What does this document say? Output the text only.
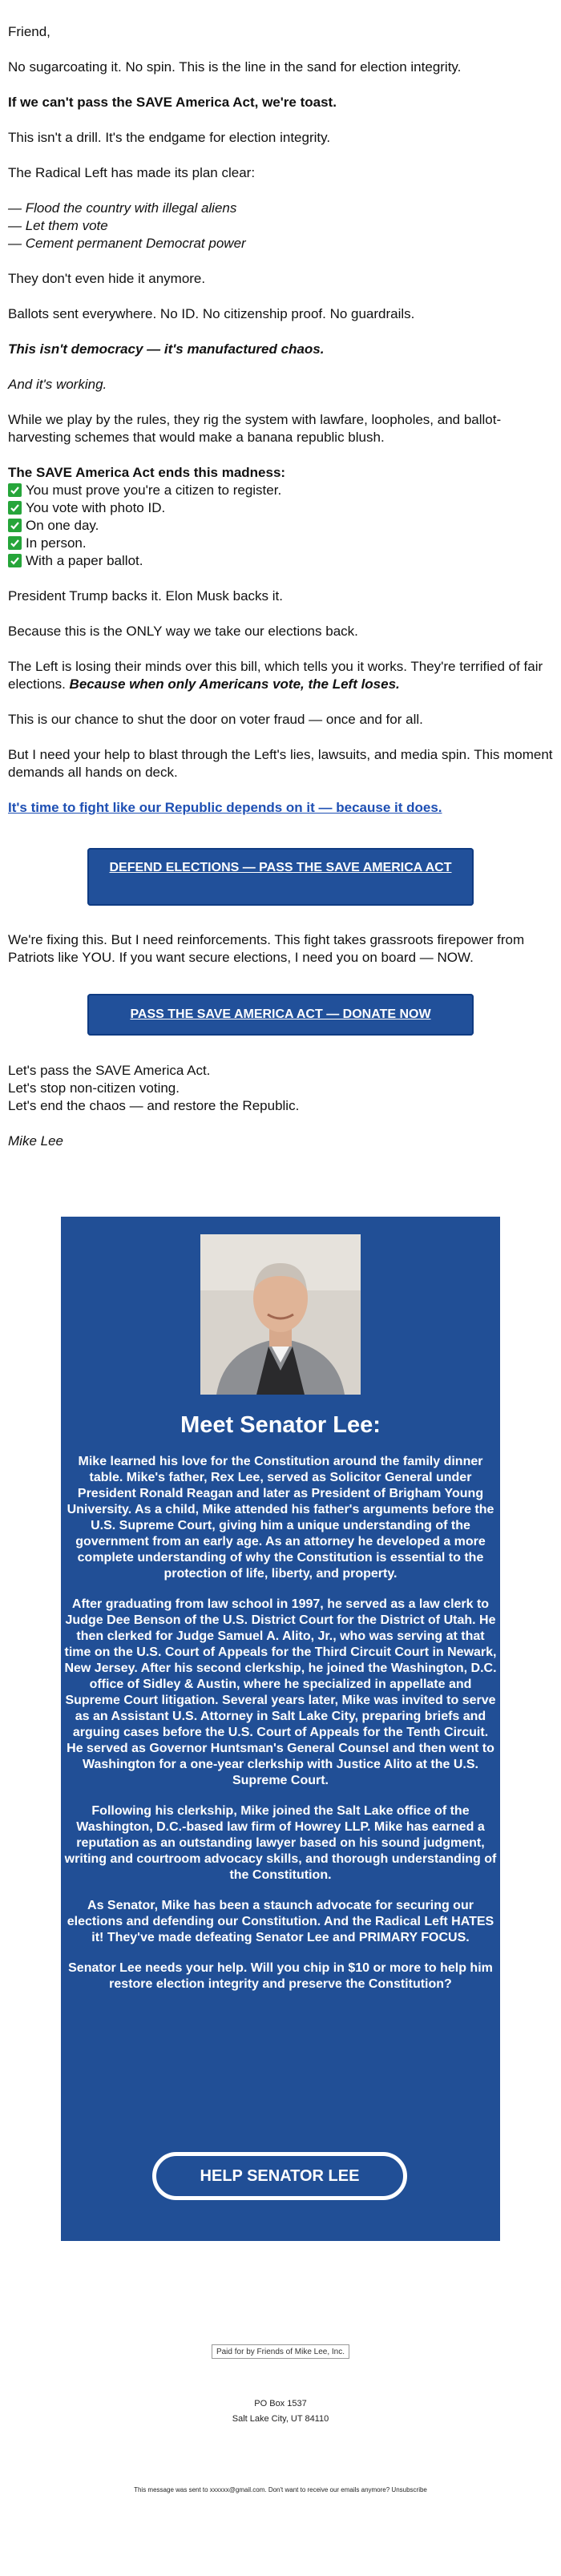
Friend,

No sugarcoating it. No spin. This is the line in the sand for election integrity.

If we can't pass the SAVE America Act, we're toast.

This isn't a drill. It's the endgame for election integrity.

The Radical Left has made its plan clear:

— Flood the country with illegal aliens

— Let them vote

— Cement permanent Democrat power

They don't even hide it anymore.

Ballots sent everywhere. No ID. No citizenship proof. No guardrails.

This isn't democracy — it's manufactured chaos.

And it's working.

While we play by the rules, they rig the system with lawfare, loopholes, and ballot-harvesting schemes that would make a banana republic blush.

The SAVE America Act ends this madness:

You must prove you're a citizen to register.

You vote with photo ID.

On one day.

In person.

With a paper ballot.

President Trump backs it. Elon Musk backs it.

Because this is the ONLY way we take our elections back.

The Left is losing their minds over this bill, which tells you it works. They're terrified of fair elections. Because when only Americans vote, the Left loses.

This is our chance to shut the door on voter fraud — once and for all.

But I need your help to blast through the Left's lies, lawsuits, and media spin. This moment demands all hands on deck.

It's time to fight like our Republic depends on it — because it does.

DEFEND ELECTIONS — PASS THE SAVE AMERICA ACT

We're fixing this. But I need reinforcements. This fight takes grassroots firepower from Patriots like YOU. If you want secure elections, I need you on board — NOW.

PASS THE SAVE AMERICA ACT — DONATE NOW

Let's pass the SAVE America Act.

Let's stop non-citizen voting.

Let's end the chaos — and restore the Republic.

Mike Lee

Meet Senator Lee:

Mike learned his love for the Constitution around the family dinner table. Mike's father, Rex Lee, served as Solicitor General under President Ronald Reagan and later as President of Brigham Young University. As a child, Mike attended his father's arguments before the U.S. Supreme Court, giving him a unique understanding of the government from an early age. As an attorney he developed a more complete understanding of why the Constitution is essential to the protection of life, liberty, and property.

After graduating from law school in 1997, he served as a law clerk to Judge Dee Benson of the U.S. District Court for the District of Utah. He then clerked for Judge Samuel A. Alito, Jr., who was serving at that time on the U.S. Court of Appeals for the Third Circuit Court in Newark, New Jersey. After his second clerkship, he joined the Washington, D.C. office of Sidley & Austin, where he specialized in appellate and Supreme Court litigation. Several years later, Mike was invited to serve as an Assistant U.S. Attorney in Salt Lake City, preparing briefs and arguing cases before the U.S. Court of Appeals for the Tenth Circuit. He served as Governor Huntsman's General Counsel and then went to Washington for a one-year clerkship with Justice Alito at the U.S. Supreme Court.

Following his clerkship, Mike joined the Salt Lake office of the Washington, D.C.-based law firm of Howrey LLP. Mike has earned a reputation as an outstanding lawyer based on his sound judgment, writing and courtroom advocacy skills, and thorough understanding of the Constitution.

As Senator, Mike has been a staunch advocate for securing our elections and defending our Constitution. And the Radical Left HATES it! They've made defeating Senator Lee and PRIMARY FOCUS.

Senator Lee needs your help. Will you chip in $10 or more to help him restore election integrity and preserve the Constitution?

HELP SENATOR LEE
Paid for by Friends of Mike Lee, Inc.
PO Box 1537
Salt Lake City, UT 84110
This message was sent to xxxxxx@gmail.com. Don't want to receive our emails anymore? Unsubscribe
